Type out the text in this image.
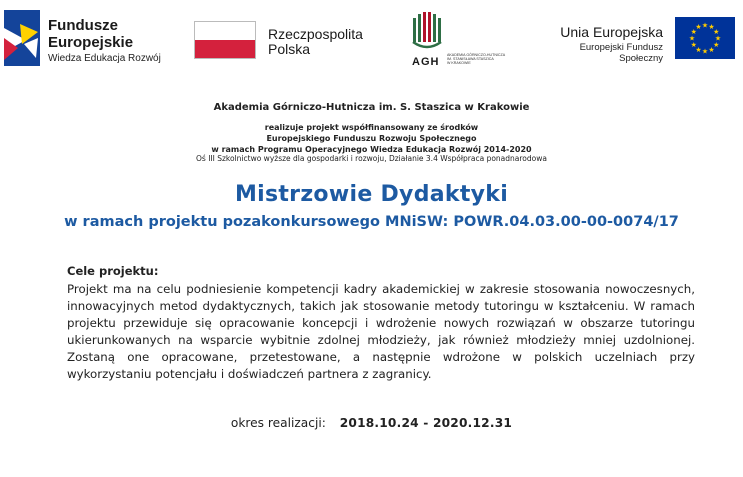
Fundusze
Europejskie
Wiedza Edukacja Rozwój
Rzeczpospolita
Polska
AGH
AKADEMIA GÓRNICZO-HUTNICZA
IM. STANISŁAWA STASZICA
W KRAKOWIE
Unia Europejska
Europejski Fundusz Społeczny
★ ★
★
★
★
★
★
★
★
★
★
★
Akademia Górniczo-Hutnicza im. S. Staszica w Krakowie
realizuje projekt współfinansowany ze środków
Europejskiego Funduszu Rozwoju Społecznego
w ramach Programu Operacyjnego Wiedza Edukacja Rozwój 2014-2020
Oś III Szkolnictwo wyższe dla gospodarki i rozwoju, Działanie 3.4 Współpraca ponadnarodowa
Mistrzowie Dydaktyki
w ramach projektu pozakonkursowego MNiSW: POWR.04.03.00-00-0074/17
Cele projektu:
Projekt ma na celu podniesienie kompetencji kadry akademickiej w zakresie stosowania nowoczesnych, innowacyjnych metod dydaktycznych, takich jak stosowanie metody tutoringu w kształceniu. W ramach projektu przewiduje się opracowanie koncepcji i wdrożenie nowych rozwiązań w obszarze tutoringu ukierunkowanych na wsparcie wybitnie zdolnej młodzieży, jak również młodzieży mniej uzdolnionej. Zostaną one opracowane, przetestowane, a następnie wdrożone w polskich uczelniach przy wykorzystaniu potencjału i doświadczeń partnera z zagranicy.
okres realizacji: 2018.10.24 - 2020.12.31
